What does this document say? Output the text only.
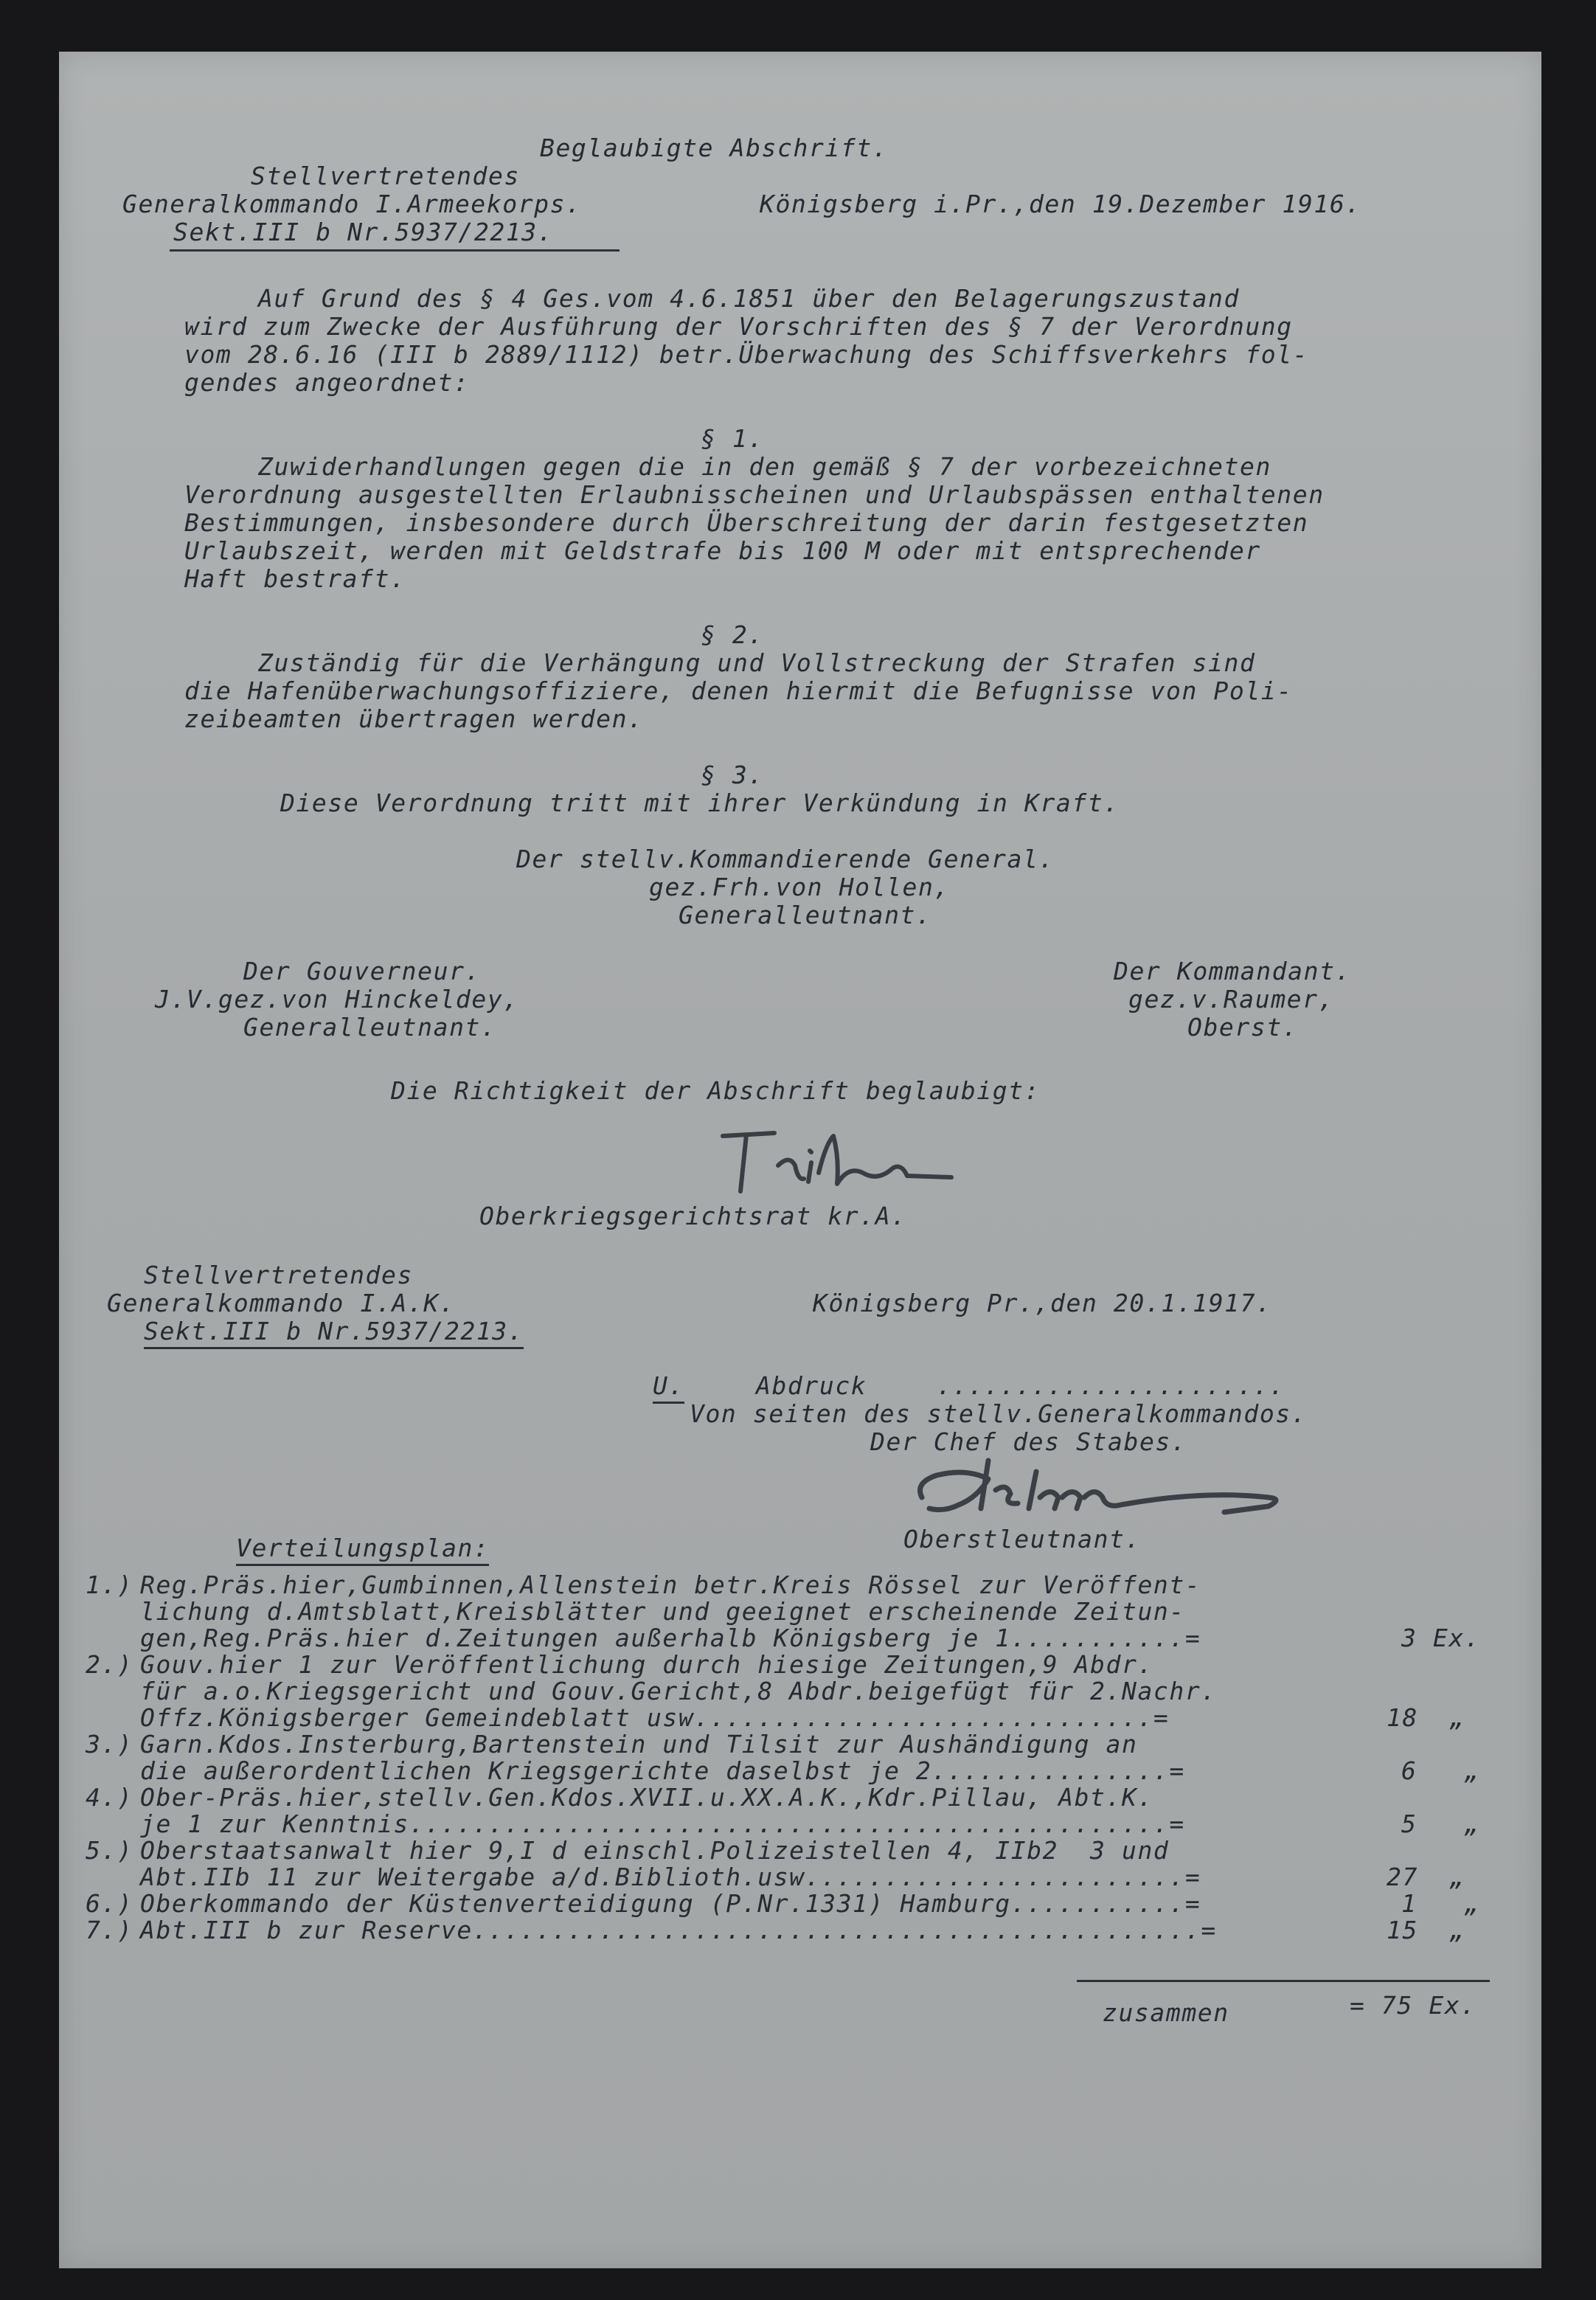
Beglaubigte Abschrift.
Stellvertretendes
Generalkommando I.Armeekorps.	Königsberg i.Pr.,den 19.Dezember 1916.
Sekt.III b Nr.5937/2213.
Auf Grund des § 4 Ges.vom 4.6.1851 über den Belagerungszustand
wird zum Zwecke der Ausführung der Vorschriften des § 7 der Verordnung
vom 28.6.16 (III b 2889/1112) betr.Überwachung des Schiffsverkehrs fol-
gendes angeordnet:
§ 1.
Zuwiderhandlungen gegen die in den gemäß § 7 der vorbezeichneten
Verordnung ausgestellten Erlaubnisscheinen und Urlaubspässen enthaltenen
Bestimmungen, insbesondere durch Überschreitung der darin festgesetzten
Urlaubszeit, werden mit Geldstrafe bis 100 M oder mit entsprechender
Haft bestraft.
§ 2.
Zuständig für die Verhängung und Vollstreckung der Strafen sind
die Hafenüberwachungsoffiziere, denen hiermit die Befugnisse von Poli-
zeibeamten übertragen werden.
§ 3.
Diese Verordnung tritt mit ihrer Verkündung in Kraft.
Der stellv.Kommandierende General.
gez.Frh.von Hollen,
Generalleutnant.
Der Gouverneur.
J.V.gez.von Hinckeldey,
Generalleutnant.
Der Kommandant.
gez.v.Raumer,
Oberst.
Die Richtigkeit der Abschrift beglaubigt:
Oberkriegsgerichtsrat kr.A.
Stellvertretendes
Generalkommando I.A.K.	Königsberg Pr.,den 20.1.1917.
Sekt.III b Nr.5937/2213.
U.	Abdruck	......................
Von seiten des stellv.Generalkommandos.
Der Chef des Stabes.
Oberstleutnant.
Verteilungsplan:
1.) Reg.Präs.hier,Gumbinnen,Allenstein betr.Kreis Rössel zur Veröffent-
lichung d.Amtsblatt,Kreisblätter und geeignet erscheinende Zeitun-
gen,Reg.Präs.hier d.Zeitungen außerhalb Königsberg je 1...........=	3 Ex.
2.) Gouv.hier 1 zur Veröffentlichung durch hiesige Zeitungen,9 Abdr.
für a.o.Kriegsgericht und Gouv.Gericht,8 Abdr.beigefügt für 2.Nachr.
Offz.Königsberger Gemeindeblatt usw.............................=	18  „
3.) Garn.Kdos.Insterburg,Bartenstein und Tilsit zur Aushändigung an
die außerordentlichen Kriegsgerichte daselbst je 2...............=	6   „
4.) Ober-Präs.hier,stellv.Gen.Kdos.XVII.u.XX.A.K.,Kdr.Pillau, Abt.K.
je 1 zur Kenntnis................................................=	5   „
5.) Oberstaatsanwalt hier 9,I d einschl.Polizeistellen 4, IIb2  3 und
Abt.IIb 11 zur Weitergabe a/d.Biblioth.usw........................=	27  „
6.) Oberkommando der Küstenverteidigung (P.Nr.1331) Hamburg...........=	1   „
7.) Abt.III b zur Reserve..............................................=	15  „
zusammen	= 75 Ex.
